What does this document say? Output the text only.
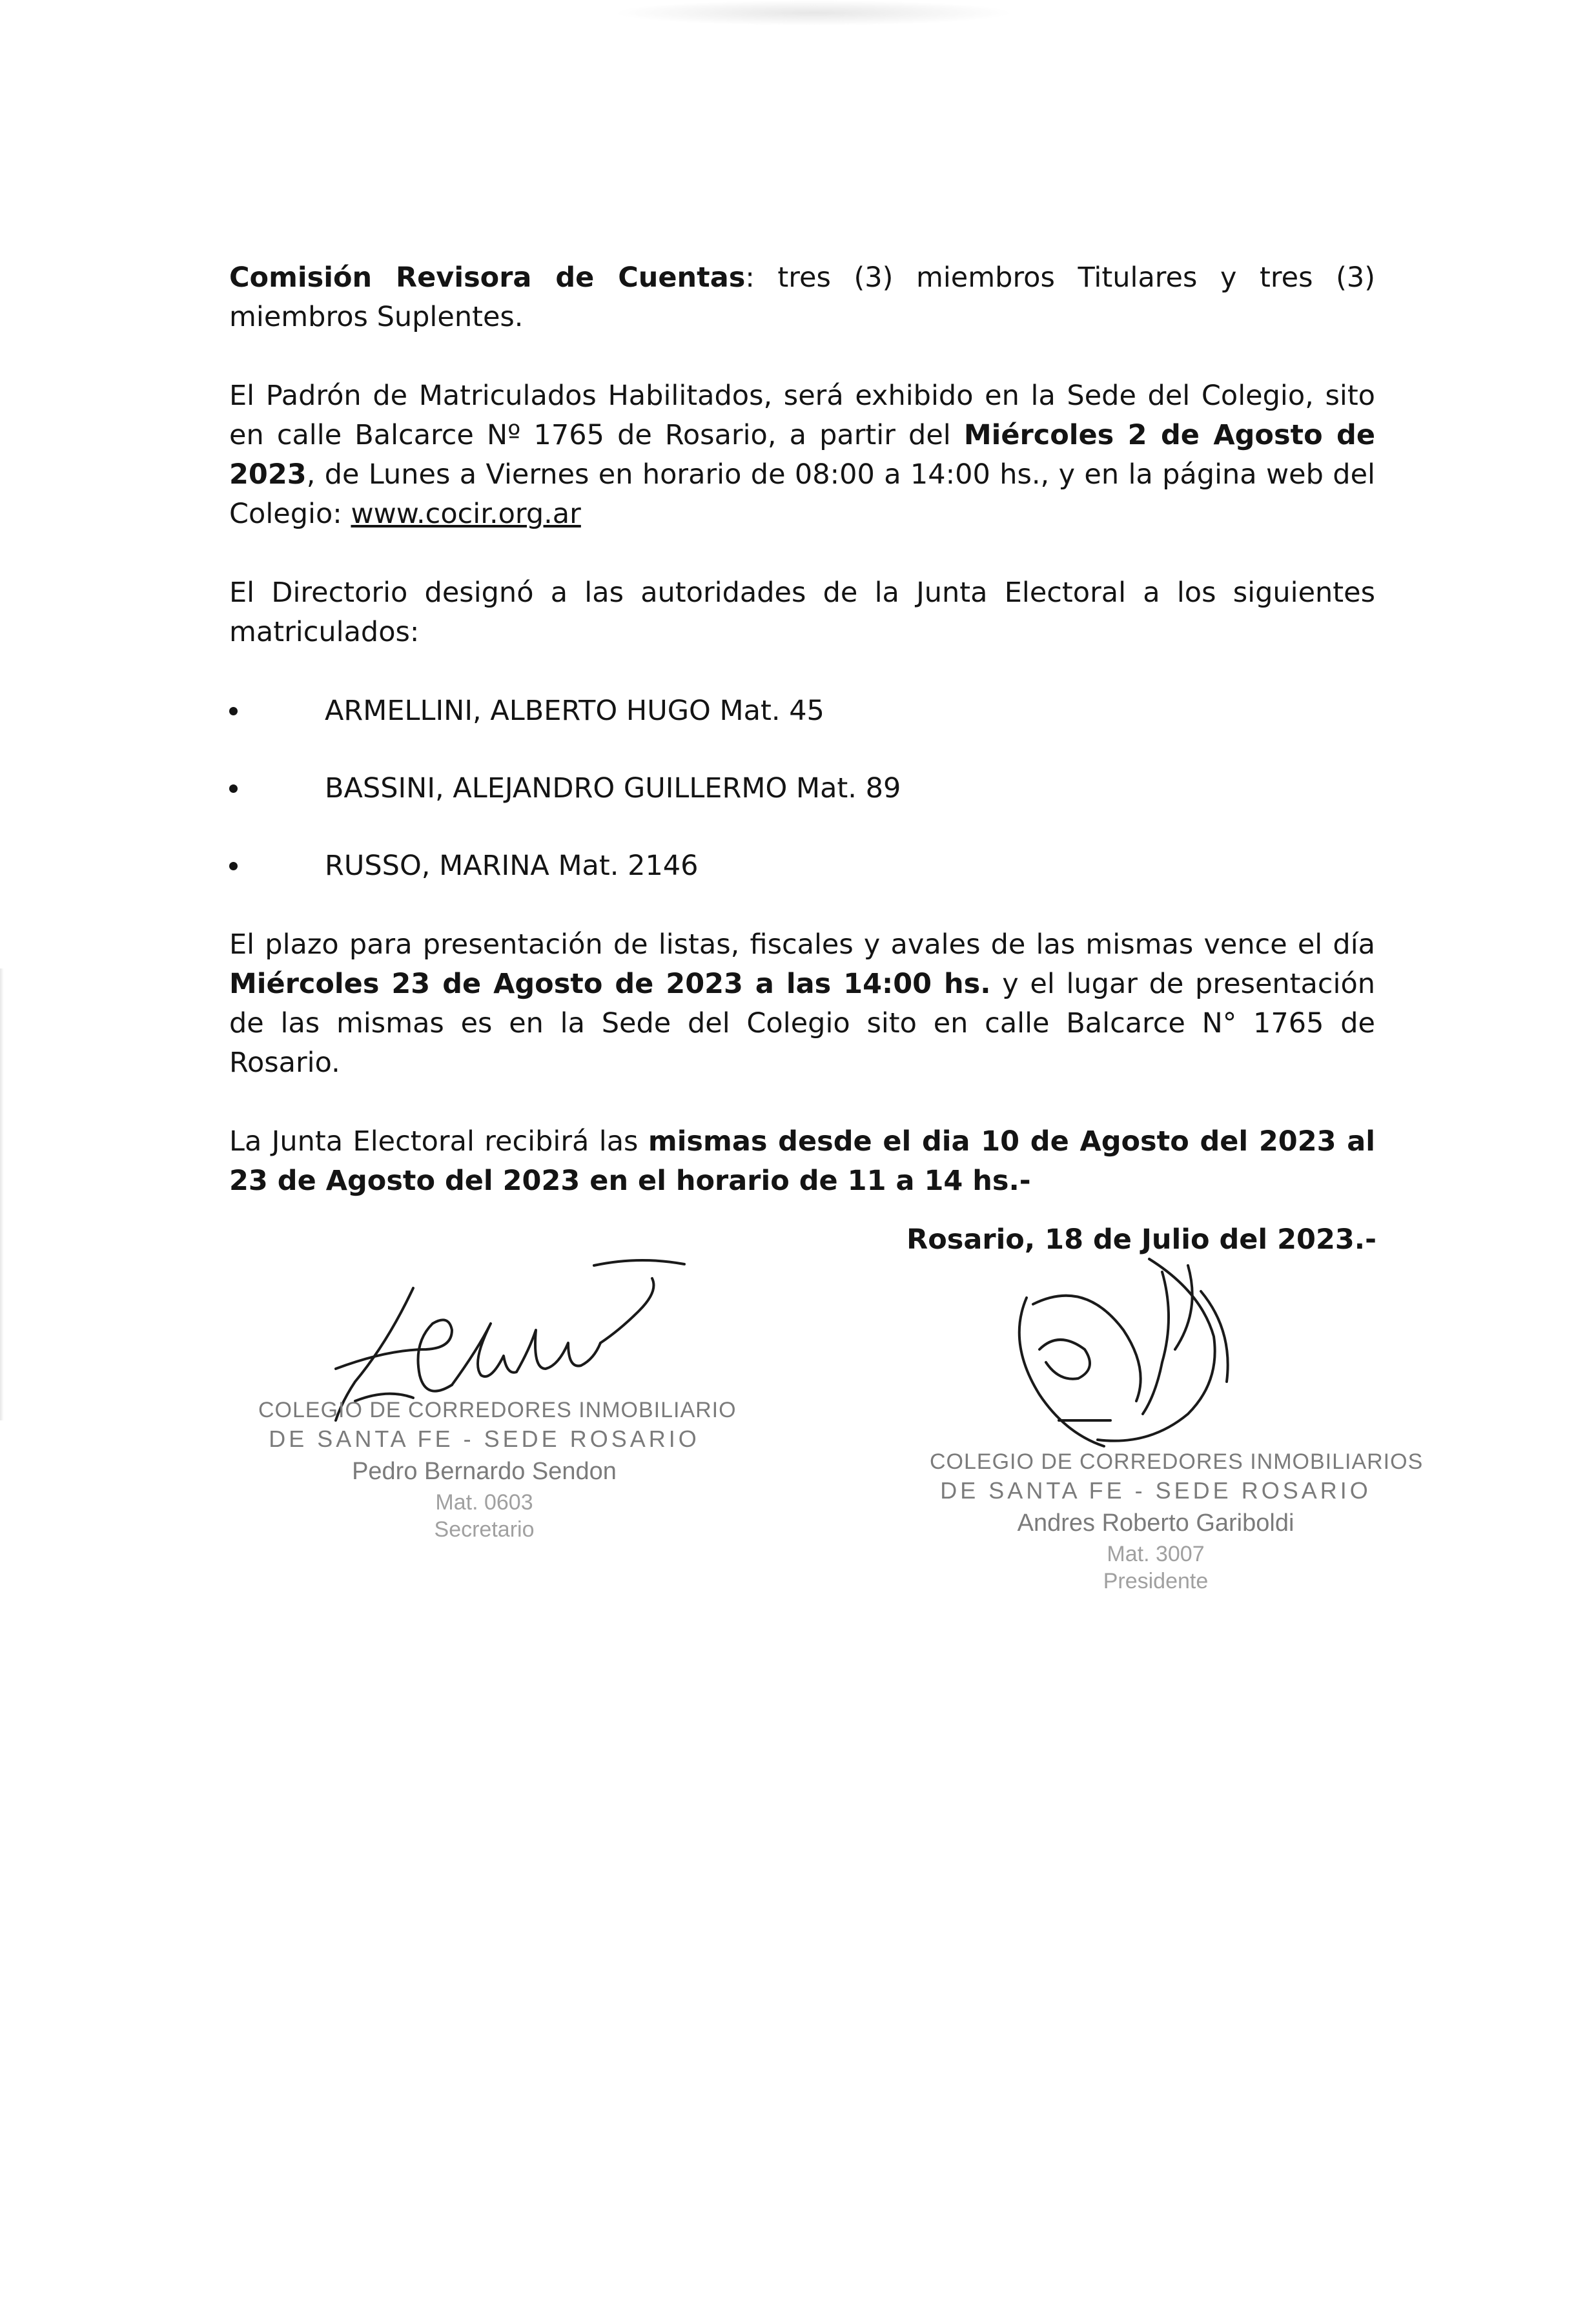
Comisión Revisora de Cuentas: tres (3) miembros Titulares y tres (3) miembros Suplentes.

El Padrón de Matriculados Habilitados, será exhibido en la Sede del Colegio, sito en calle Balcarce Nº 1765 de Rosario, a partir del Miércoles 2 de Agosto de 2023, de Lunes a Viernes en horario de 08:00 a 14:00 hs., y en la página web del Colegio: www.cocir.org.ar

El Directorio designó a las autoridades de la Junta Electoral a los siguientes matriculados:

ARMELLINI, ALBERTO HUGO Mat. 45
BASSINI, ALEJANDRO GUILLERMO Mat. 89
RUSSO, MARINA Mat. 2146

El plazo para presentación de listas, fiscales y avales de las mismas vence el día Miércoles 23 de Agosto de 2023 a las 14:00 hs. y el lugar de presentación de las mismas es en la Sede del Colegio sito en calle Balcarce N° 1765 de Rosario.

La Junta Electoral recibirá las mismas desde el dia 10 de Agosto del 2023 al 23 de Agosto del 2023 en el horario de 11 a 14 hs.-

Rosario, 18 de Julio del 2023.-
COLEGIO DE CORREDORES INMOBILIARIO
DE SANTA FE - SEDE ROSARIO
Pedro Bernardo Sendon
Mat. 0603
Secretario
COLEGIO DE CORREDORES INMOBILIARIOS
DE SANTA FE - SEDE ROSARIO
Andres Roberto Gariboldi
Mat. 3007
Presidente
